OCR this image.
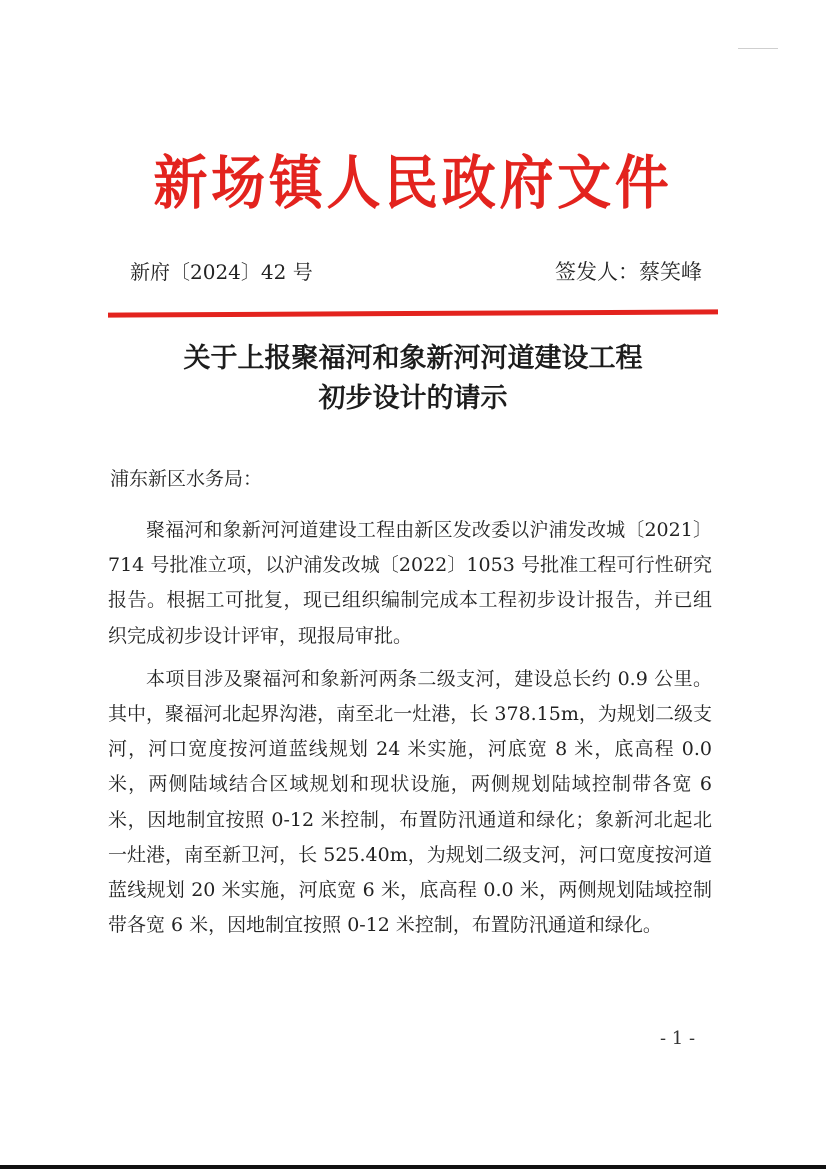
新场镇人民政府文件
新府〔2024〕42 号	签发人：蔡笑峰
关于上报聚福河和象新河河道建设工程
初步设计的请示
浦东新区水务局：

聚福河和象新河河道建设工程由新区发改委以沪浦发改城〔2021〕714 号批准立项，以沪浦发改城〔2022〕1053 号批准工程可行性研究报告。根据工可批复，现已组织编制完成本工程初步设计报告，并已组织完成初步设计评审，现报局审批。

本项目涉及聚福河和象新河两条二级支河，建设总长约 0.9 公里。其中，聚福河北起界沟港，南至北一灶港，长 378.15m，为规划二级支河，河口宽度按河道蓝线规划 24 米实施，河底宽 8 米，底高程 0.0 米，两侧陆域结合区域规划和现状设施，两侧规划陆域控制带各宽 6 米，因地制宜按照 0-12 米控制，布置防汛通道和绿化；象新河北起北一灶港，南至新卫河，长 525.40m，为规划二级支河，河口宽度按河道蓝线规划 20 米实施，河底宽 6 米，底高程 0.0 米，两侧规划陆域控制带各宽 6 米，因地制宜按照 0-12 米控制，布置防汛通道和绿化。

- 1 -
